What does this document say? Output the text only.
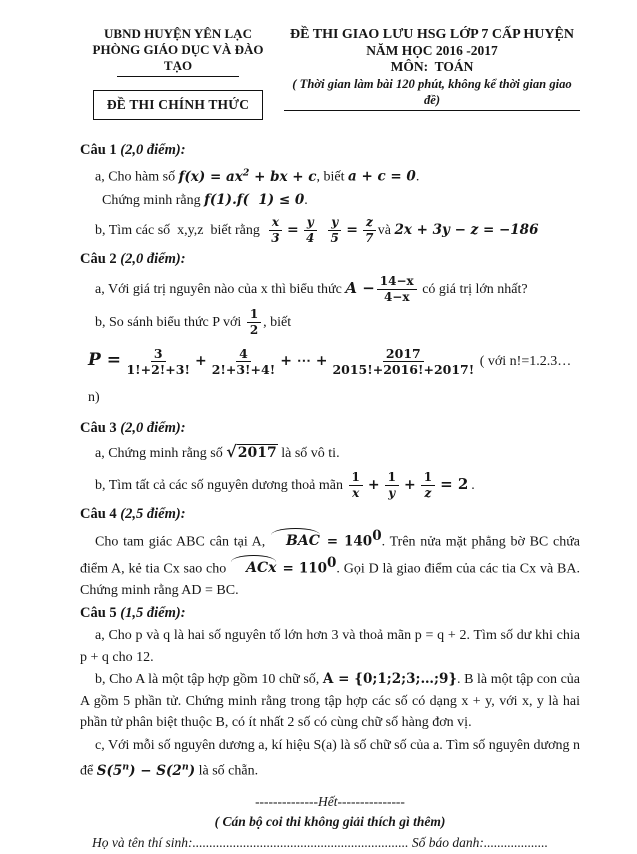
UBND HUYỆN YÊN LẠC
PHÒNG GIÁO DỤC VÀ ĐÀO TẠO
ĐỀ THI CHÍNH THỨC
ĐỀ THI GIAO LƯU HSG LỚP 7 CẤP HUYỆN
NĂM HỌC 2016 -2017
MÔN:  TOÁN
( Thời gian làm bài 120 phút, không kể thời gian giao đề)

Câu 1 (2,0 điểm):

a, Cho hàm số $f(x) = ax^2$ + bx + c, biết a + c = 0.

Chứng minh rằng f(1).f(  1) ≤ 0.

b, Tìm các số  x,y,z  biết rằng $\frac{x}{3} = \frac{y}{4}$
$\frac{y}{5} = \frac{z}{7}$ và 2x + 3y − z = −186

Câu 2 (2,0 điểm):

a, Với giá trị nguyên nào của x thì biểu thức $A - \frac{14-x}{4-x}$ có giá trị lớn nhất?

b, So sánh biểu thức P với $\frac{1}{2}$ , biết

$P = \frac{3}{1!+2!+3!} + \frac{4}{2!+3!+4!}$ + ⋯ + $\frac{2017}{2015!+2016!+2017!}$ ( với n!=1.2.3…n)

Câu 3 (2,0 điểm):

a, Chứng minh rằng số √2017 là số vô ti.

b, Tìm tất cả các số nguyên dương thoả mãn $\frac{1}{x} + \frac{1}{y} + \frac{1}{z} = 2$ .

Câu 4 (2,5 điểm):

Cho tam giác ABC cân tại A, BAC = $140^0$. Trên nửa mặt phẳng bờ BC chứa điểm A, kẻ tia Cx sao cho ACx = $110^0$. Gọi D là giao điểm của các tia Cx và BA. Chứng minh rằng AD = BC.

Câu 5 (1,5 điểm):

a, Cho p và q là hai số nguyên tố lớn hơn 3 và thoả mãn p = q + 2. Tìm số dư khi chia p + q cho 12.

b, Cho A là một tập hợp gồm 10 chữ số, A = {0;1;2;3;…;9}. B là một tập con của A gồm 5 phần tử. Chứng minh rằng trong tập hợp các số có dạng x + y, với x, y là hai phần tử phân biệt thuộc B, có ít nhất 2 số có cùng chữ số hàng đơn vị.

c, Với mỗi số nguyên dương a, kí hiệu S(a) là số chữ số của a. Tìm số nguyên dương n để $S(5^n) - S(2^n)$ là số chẵn.

--------------Hết---------------
( Cán bộ coi thi không giải thích gì thêm)
Họ và tên thí sinh:................................................................ Số báo danh:...................
